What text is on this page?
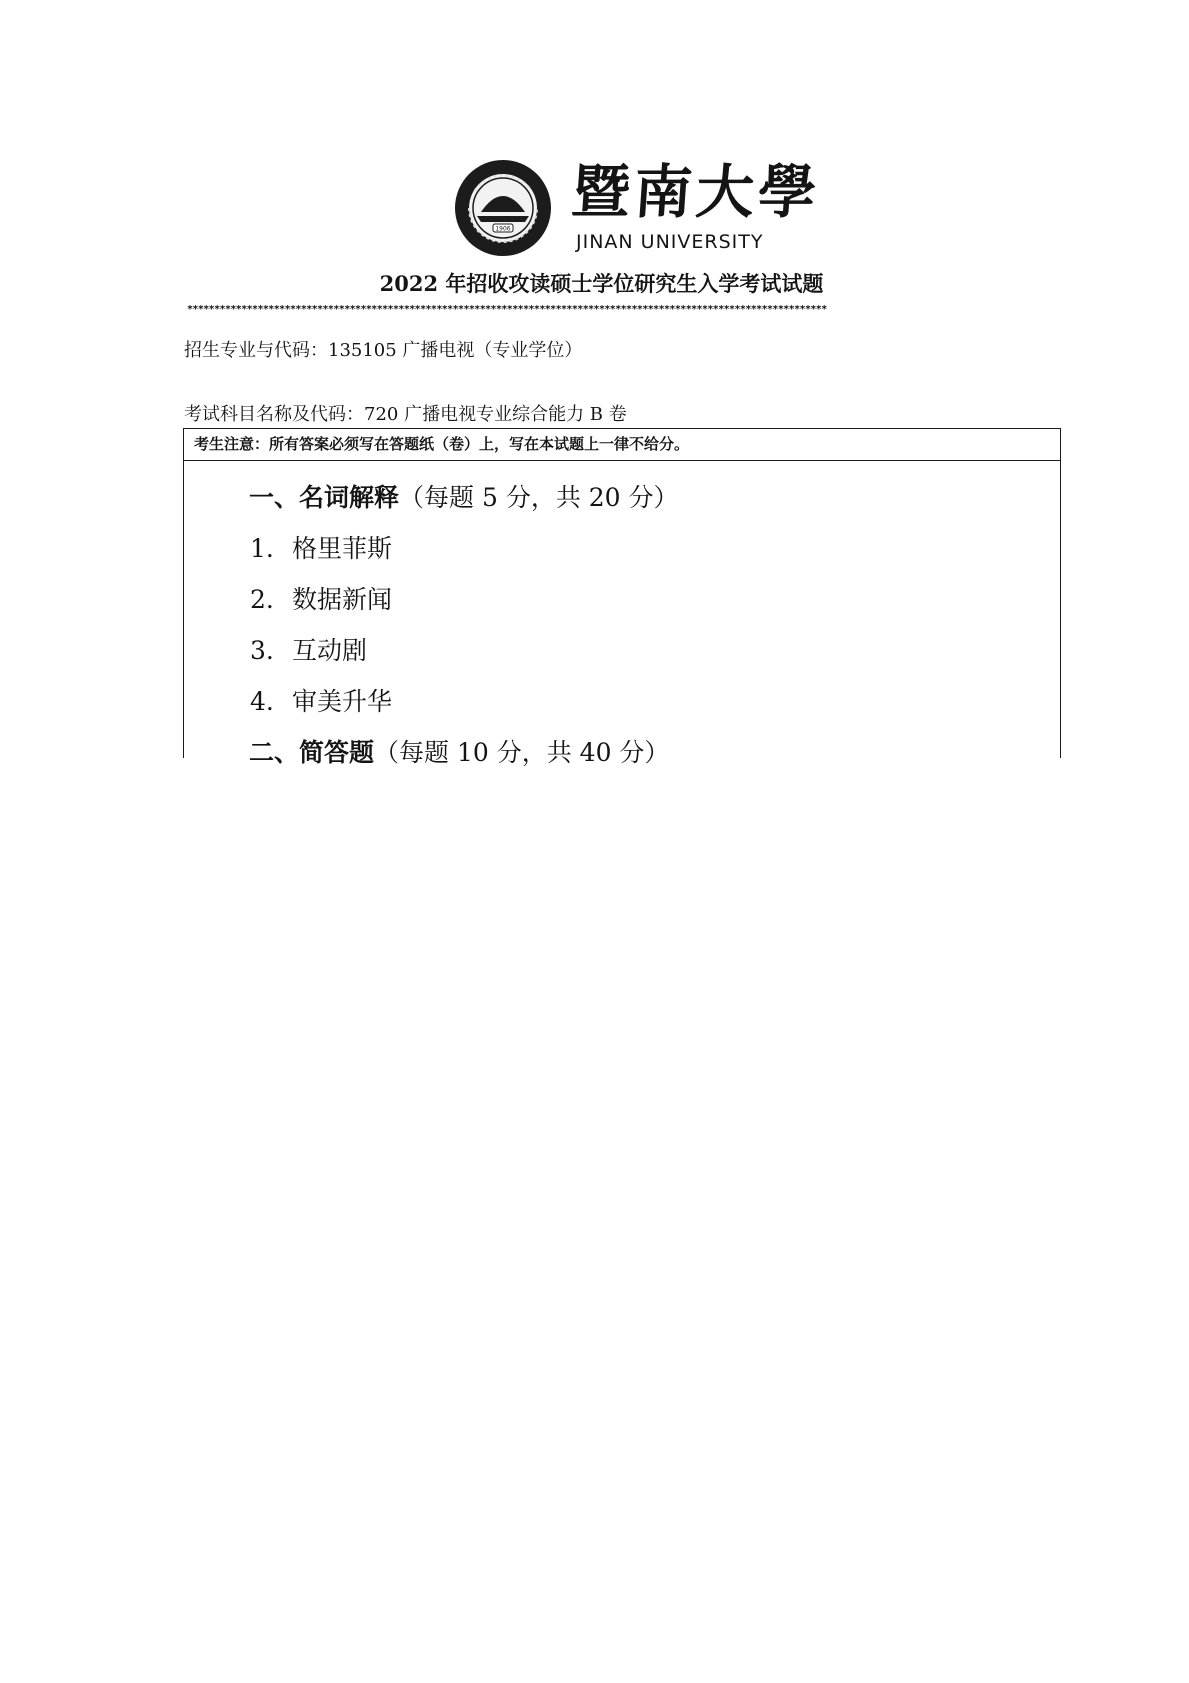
1906
暨南大學
JINAN UNIVERSITY
2022 年招收攻读硕士学位研究生入学考试试题
**********************************************************************************************************************
招生专业与代码：135105 广播电视（专业学位）
考试科目名称及代码：720 广播电视专业综合能力 B 卷
考生注意：所有答案必须写在答题纸（卷）上，写在本试题上一律不给分。
一、名词解释（每题 5 分，共 20 分）
1. 格里菲斯
2. 数据新闻
3. 互动剧
4. 审美升华
二、简答题（每题 10 分，共 40 分）
